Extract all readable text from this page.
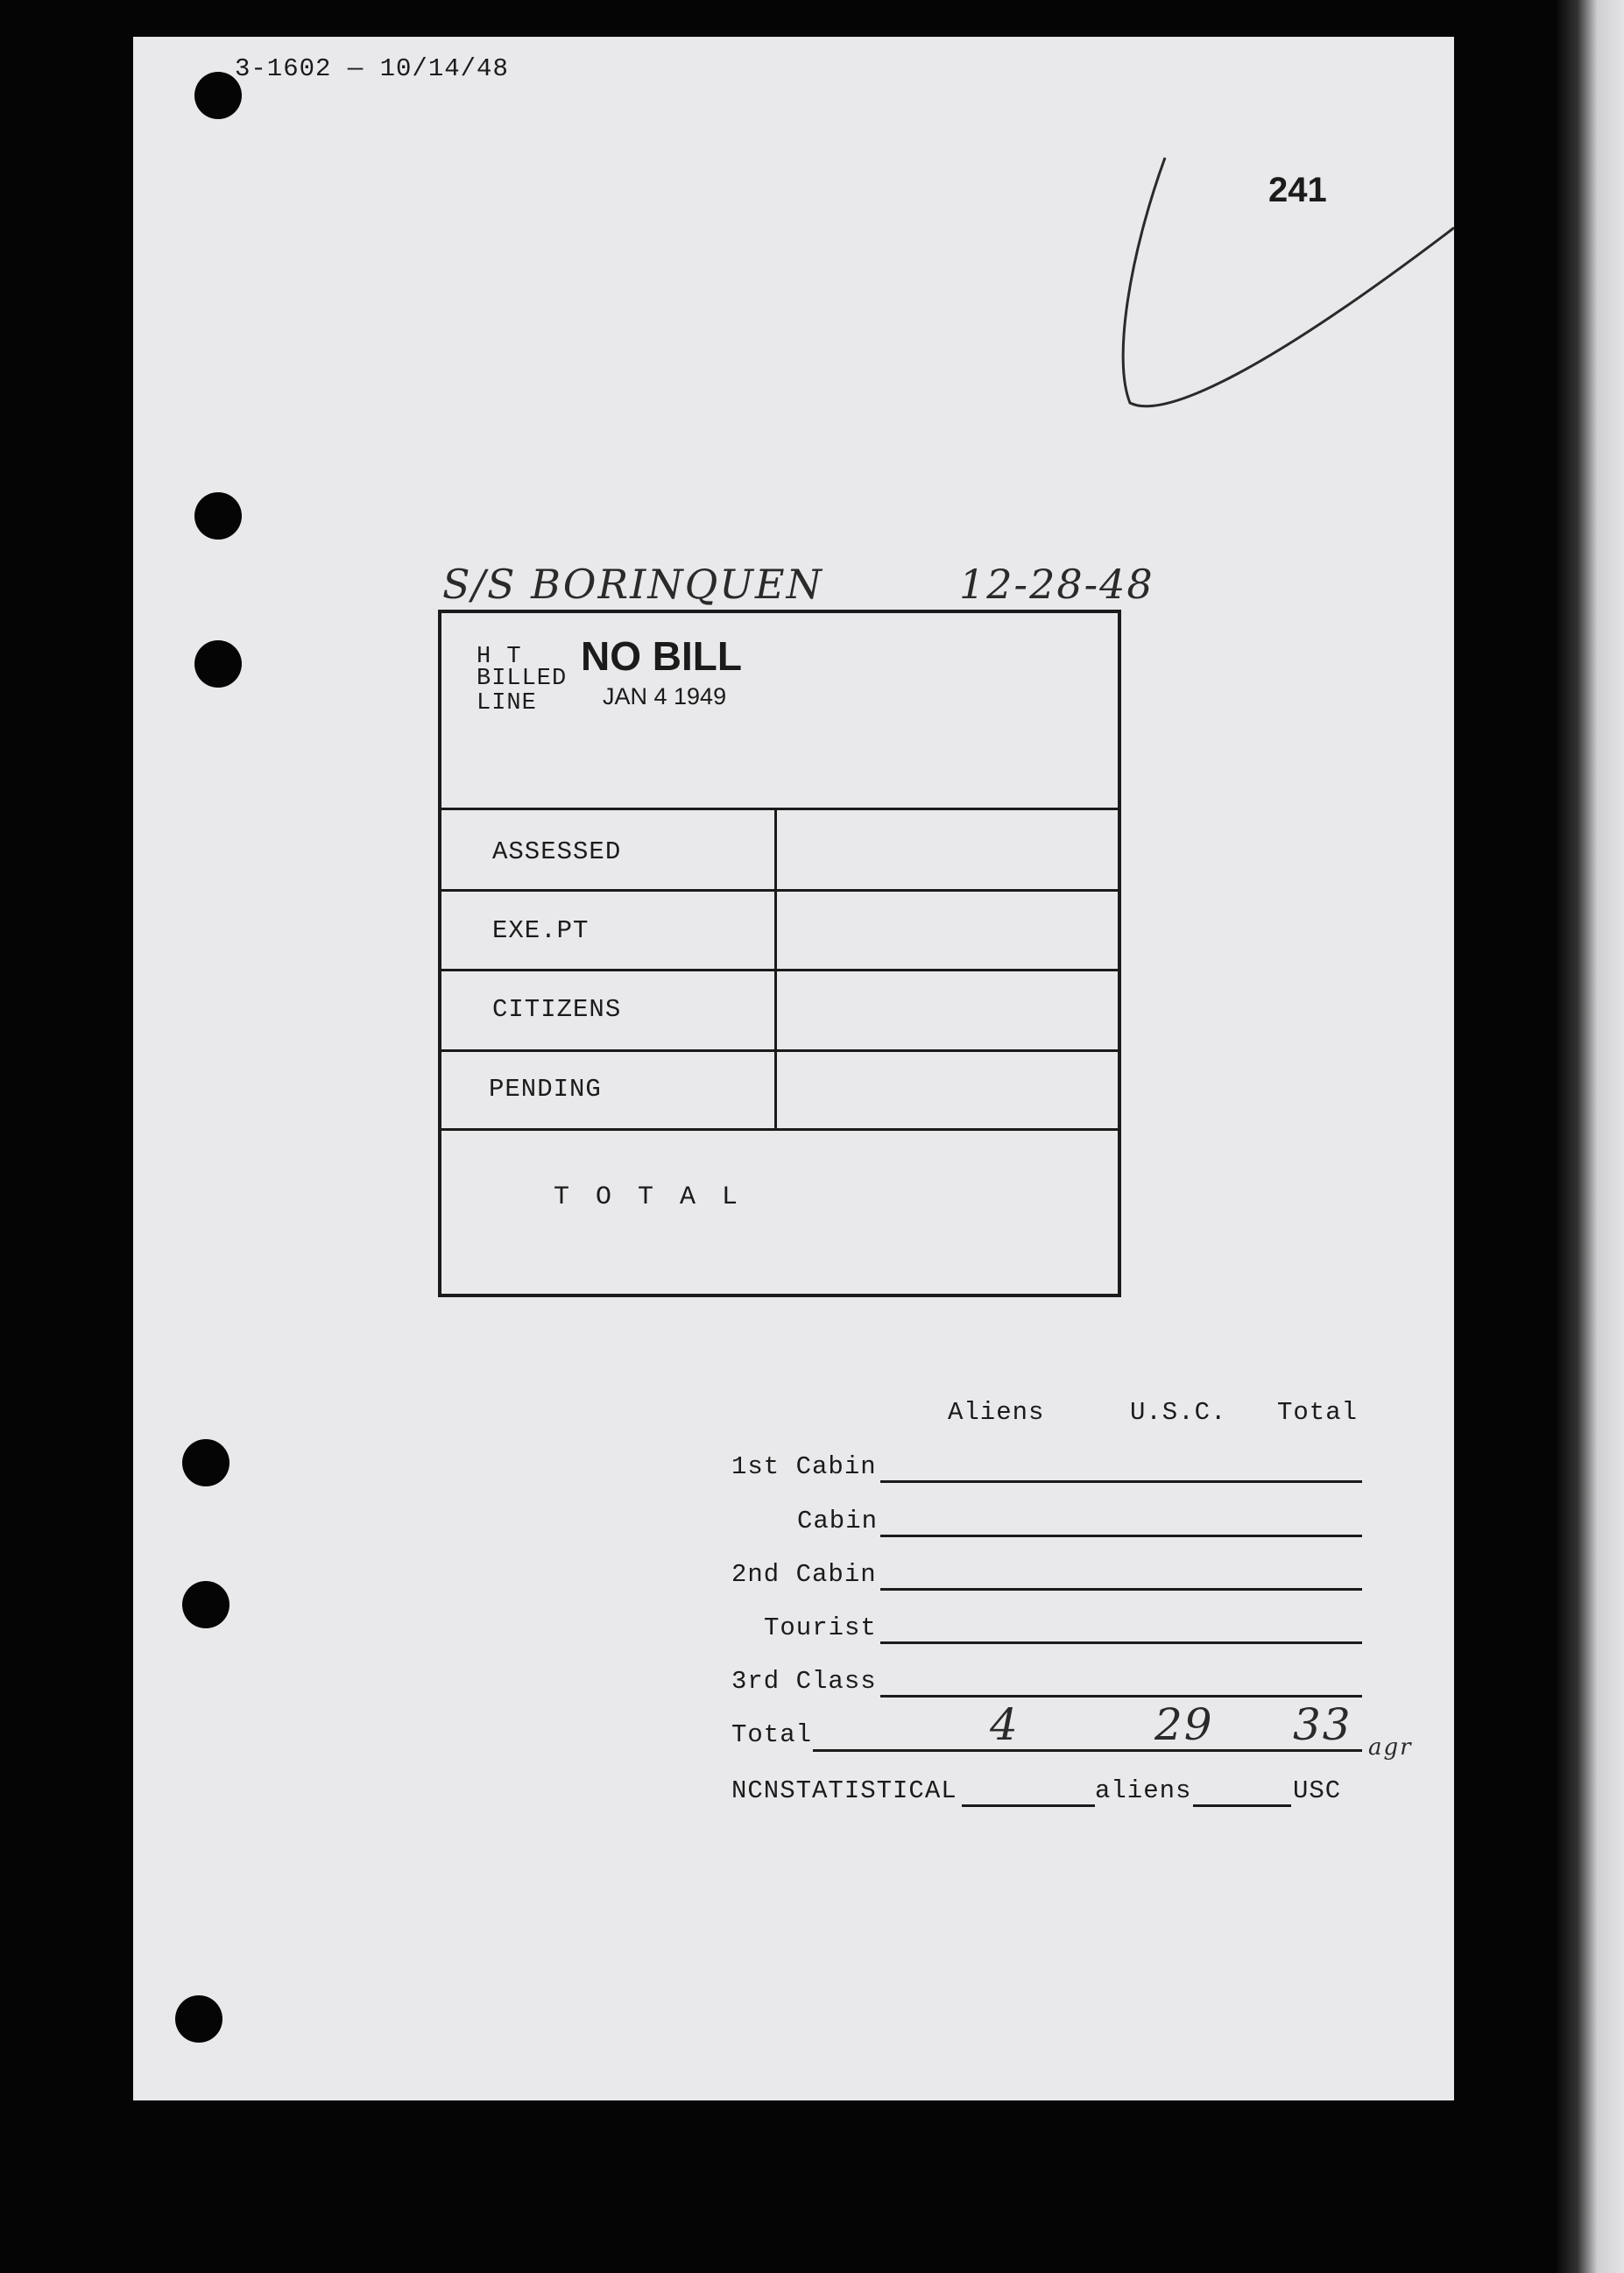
3-1602 — 10/14/48
241
S/S BORINQUEN	12-28-48
H T
BILLED
LINE
NO BILL
JAN 4 1949
ASSESSED
EXE.PT
CITIZENS
PENDING
T O T A L
Aliens	U.S.C. Total
1st Cabin
Cabin
2nd Cabin
Tourist
3rd Class
Total	4	29 33 agr
NCNSTATISTICAL	aliens	USC
